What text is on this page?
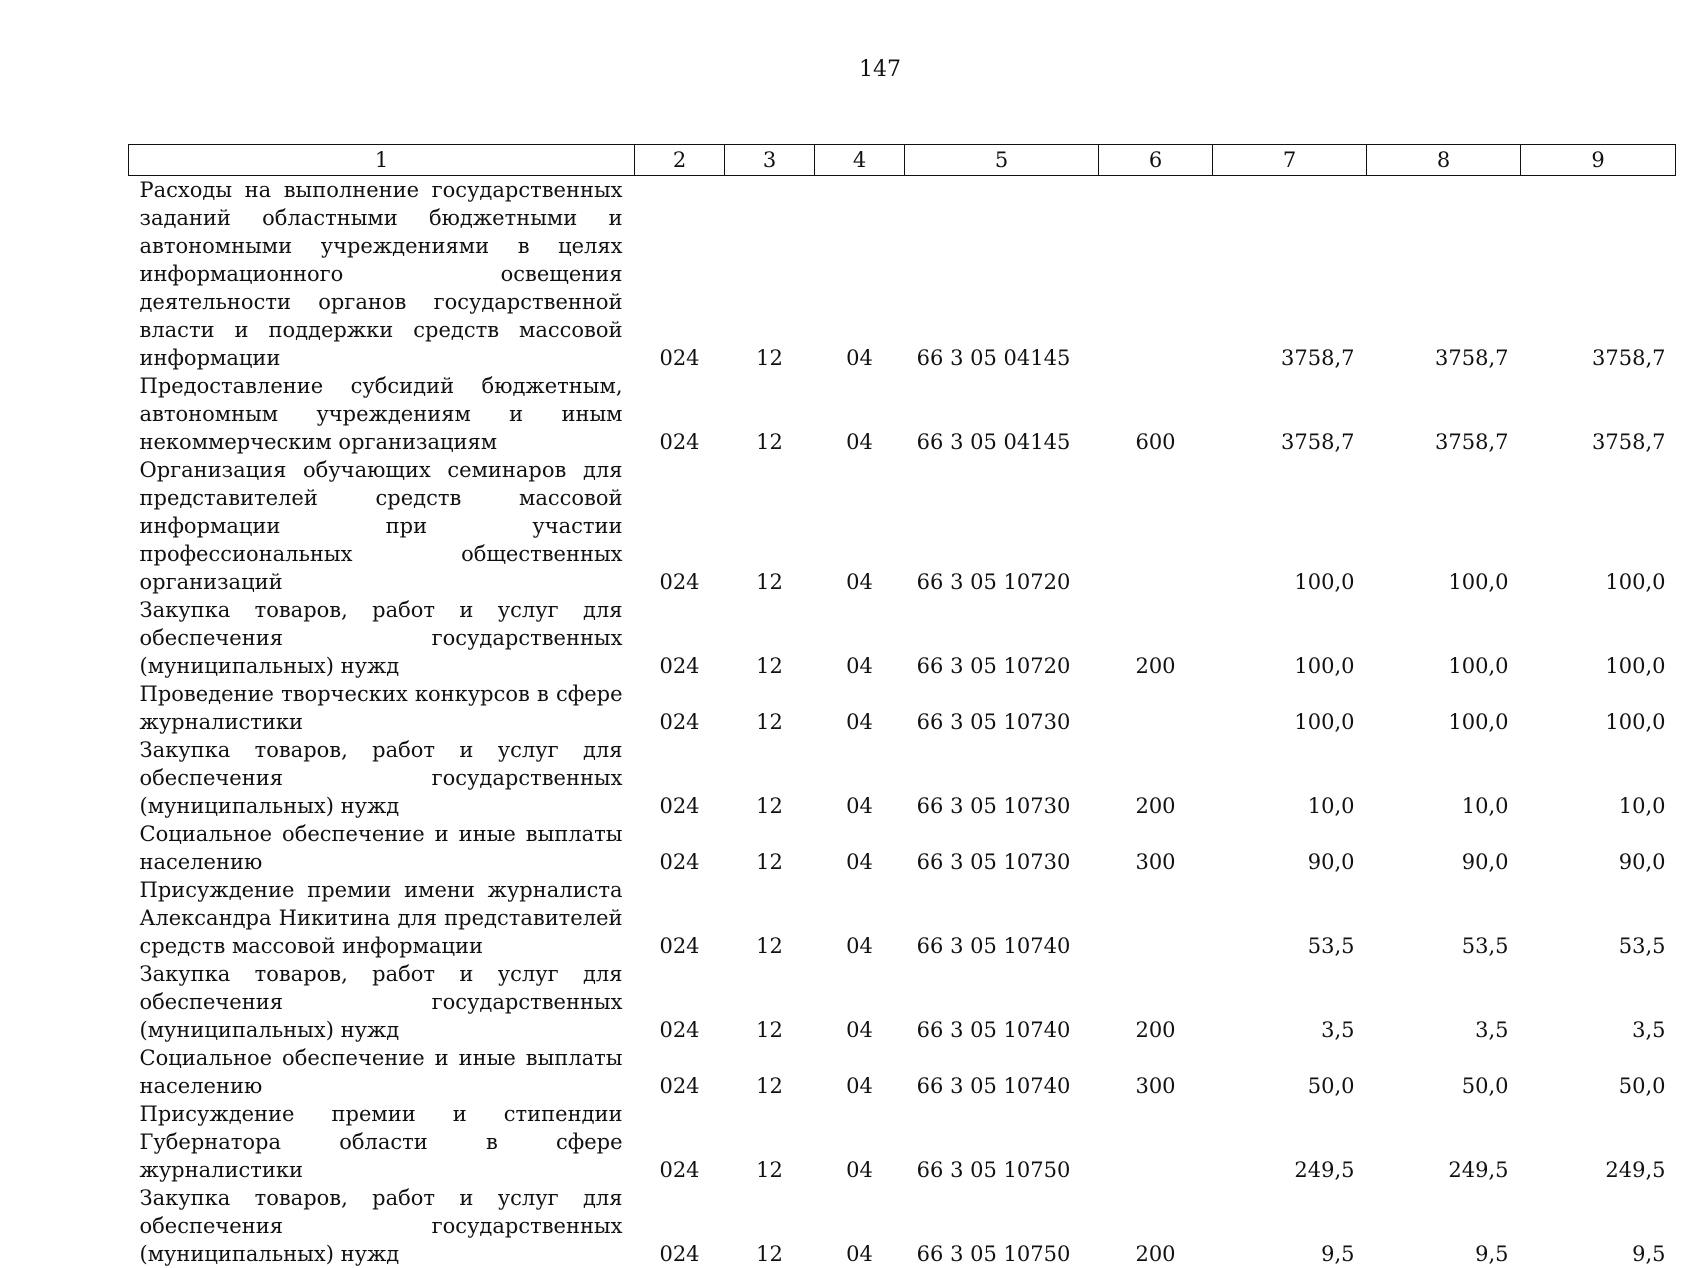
147
1	2	3	4	5	6	7	8	9
Расходы на выполнение государственных заданий областными бюджетными и автономными учреждениями в целях информационного освещения деятельности органов государственной власти и поддержки средств массовой информации	024	12	04	66 3 05 04145		3758,7	3758,7	3758,7
Предоставление субсидий бюджетным, автономным учреждениям и иным некоммерческим организациям	024	12	04	66 3 05 04145	600	3758,7	3758,7	3758,7
Организация обучающих семинаров для представителей средств массовой информации при участии профессиональных общественных организаций	024	12	04	66 3 05 10720		100,0	100,0	100,0
Закупка товаров, работ и услуг для обеспечения государственных (муниципальных) нужд	024	12	04	66 3 05 10720	200	100,0	100,0	100,0
Проведение творческих конкурсов в сфере журналистики	024	12	04	66 3 05 10730		100,0	100,0	100,0
Закупка товаров, работ и услуг для обеспечения государственных (муниципальных) нужд	024	12	04	66 3 05 10730	200	10,0	10,0	10,0
Социальное обеспечение и иные выплаты населению	024	12	04	66 3 05 10730	300	90,0	90,0	90,0
Присуждение премии имени журналиста Александра Никитина для представителей средств массовой информации	024	12	04	66 3 05 10740		53,5	53,5	53,5
Закупка товаров, работ и услуг для обеспечения государственных (муниципальных) нужд	024	12	04	66 3 05 10740	200	3,5	3,5	3,5
Социальное обеспечение и иные выплаты населению	024	12	04	66 3 05 10740	300	50,0	50,0	50,0
Присуждение премии и стипендии Губернатора области в сфере журналистики	024	12	04	66 3 05 10750		249,5	249,5	249,5
Закупка товаров, работ и услуг для обеспечения государственных (муниципальных) нужд	024	12	04	66 3 05 10750	200	9,5	9,5	9,5
